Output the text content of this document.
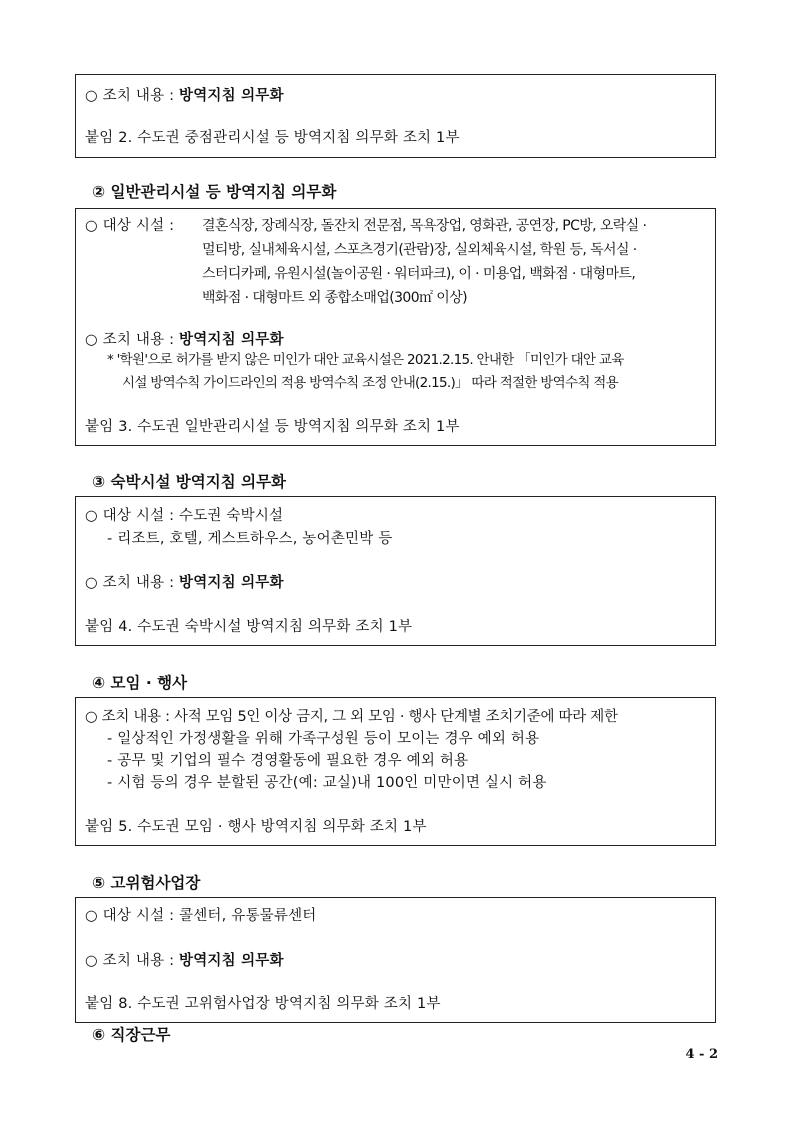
○ 조치 내용 : 방역지침 의무화
붙임 2. 수도권 중점관리시설 등 방역지침 의무화 조치 1부
② 일반관리시설 등 방역지침 의무화
○ 대상 시설 : 결혼식장, 장례식장, 돌잔치 전문점, 목욕장업, 영화관, 공연장, PC방, 오락실 ·
멀티방, 실내체육시설, 스포츠경기(관람)장, 실외체육시설, 학원 등, 독서실 ·
스터디카페, 유원시설(놀이공원 · 워터파크), 이 · 미용업, 백화점 · 대형마트,
백화점 · 대형마트 외 종합소매업(300㎡ 이상)
○ 조치 내용 : 방역지침 의무화
* '학원'으로 허가를 받지 않은 미인가 대안 교육시설은 2021.2.15. 안내한 「미인가 대안 교육
시설 방역수칙 가이드라인의 적용 방역수칙 조정 안내(2.15.)」 따라 적절한 방역수칙 적용
붙임 3. 수도권 일반관리시설 등 방역지침 의무화 조치 1부
③ 숙박시설 방역지침 의무화
○ 대상 시설 : 수도권 숙박시설
- 리조트, 호텔, 게스트하우스, 농어촌민박 등
○ 조치 내용 : 방역지침 의무화
붙임 4. 수도권 숙박시설 방역지침 의무화 조치 1부
④ 모임 · 행사
○ 조치 내용 : 사적 모임 5인 이상 금지, 그 외 모임 · 행사 단계별 조치기준에 따라 제한
- 일상적인 가정생활을 위해 가족구성원 등이 모이는 경우 예외 허용
- 공무 및 기업의 필수 경영활동에 필요한 경우 예외 허용
- 시험 등의 경우 분할된 공간(예: 교실)내 100인 미만이면 실시 허용
붙임 5. 수도권 모임 · 행사 방역지침 의무화 조치 1부
⑤ 고위험사업장
○ 대상 시설 : 콜센터, 유통물류센터
○ 조치 내용 : 방역지침 의무화
붙임 8. 수도권 고위험사업장 방역지침 의무화 조치 1부
⑥ 직장근무
4 - 2
